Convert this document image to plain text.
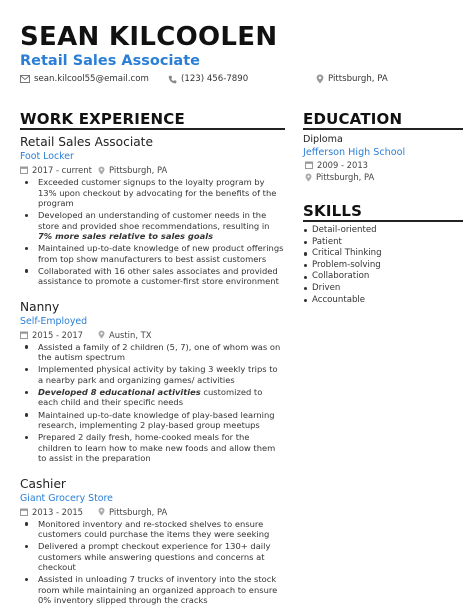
SEAN KILCOOLEN
Retail Sales Associate
sean.kilcool55@email.com	(123) 456-7890	Pittsburgh, PA
WORK EXPERIENCE	EDUCATION
SKILLS
Retail Sales Associate
Foot Locker
2017 - current Pittsburgh, PA
Exceeded customer signups to the loyalty program by 13% upon checkout by advocating for the benefits of the program
Developed an understanding of customer needs in the store and provided shoe recommendations, resulting in 7% more sales relative to sales goals
Maintained up-to-date knowledge of new product offerings from top show manufacturers to best assist customers
Collaborated with 16 other sales associates and provided assistance to promote a customer-first store environment
Nanny
Self-Employed
2015 - 2017	Austin, TX
Assisted a family of 2 children (5, 7), one of whom was on the autism spectrum
Implemented physical activity by taking 3 weekly trips to a nearby park and organizing games/ activities
Developed 8 educational activities customized to each child and their specific needs
Maintained up-to-date knowledge of play-based learning research, implementing 2 play-based group meetups
Prepared 2 daily fresh, home-cooked meals for the children to learn how to make new foods and allow them to assist in the preparation
Cashier
Giant Grocery Store
2013 - 2015	Pittsburgh, PA
Monitored inventory and re-stocked shelves to ensure customers could purchase the items they were seeking
Delivered a prompt checkout experience for 130+ daily customers while answering questions and concerns at checkout
Assisted in unloading 7 trucks of inventory into the stock room while maintaining an organized approach to ensure 0% inventory slipped through the cracks
Diploma
Jefferson High School
2009 - 2013
Pittsburgh, PA
Detail-oriented
Patient
Critical Thinking
Problem-solving
Collaboration
Driven
Accountable
